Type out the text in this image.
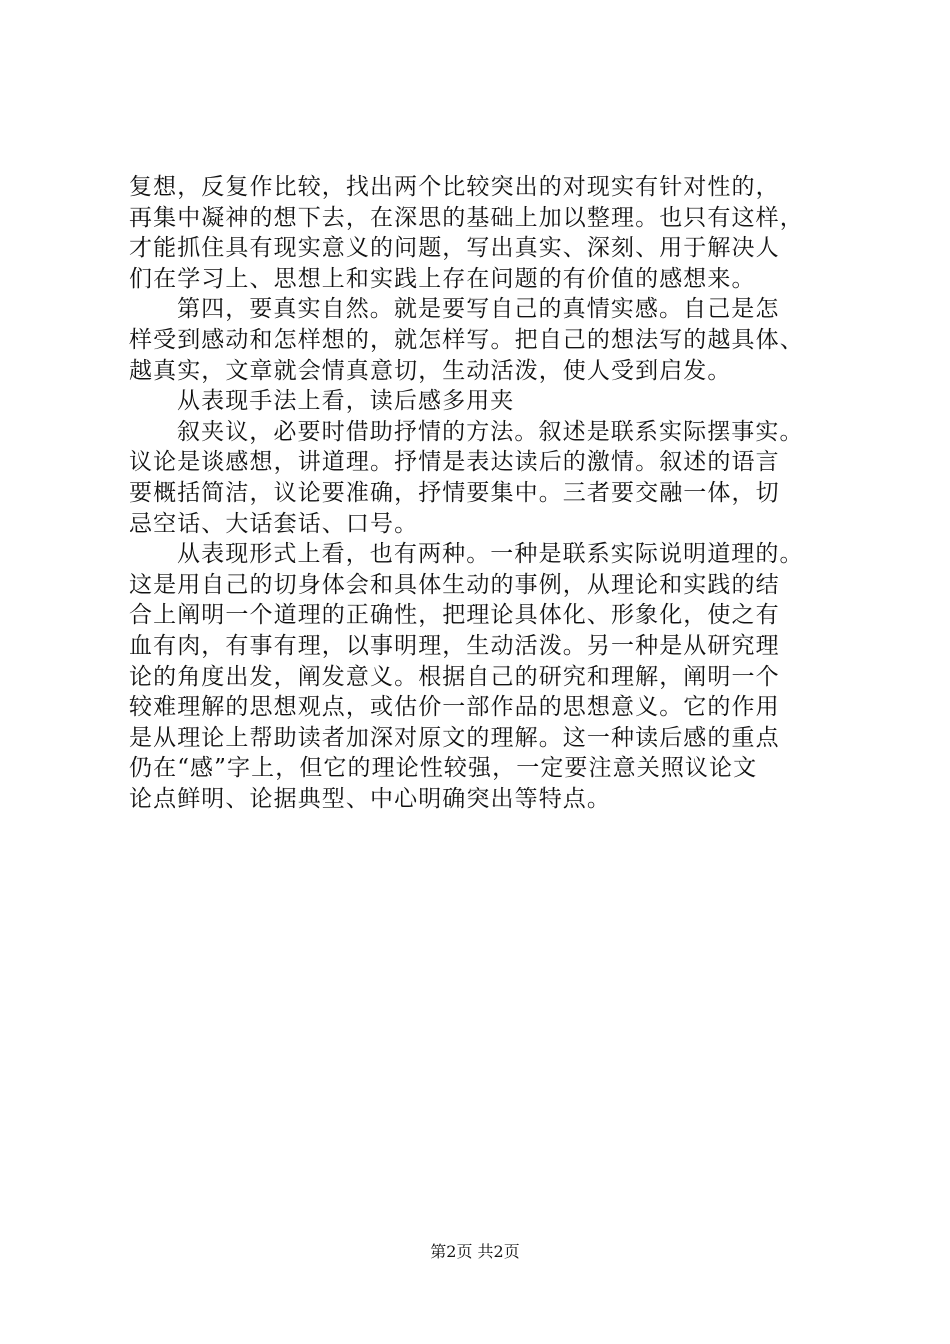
复想，反复作比较，找出两个比较突出的对现实有针对性的，
再集中凝神的想下去，在深思的基础上加以整理。也只有这样，
才能抓住具有现实意义的问题，写出真实、深刻、用于解决人
们在学习上、思想上和实践上存在问题的有价值的感想来。
第四，要真实自然。就是要写自己的真情实感。自己是怎
样受到感动和怎样想的，就怎样写。把自己的想法写的越具体、
越真实，文章就会情真意切，生动活泼，使人受到启发。
从表现手法上看，读后感多用夹
叙夹议，必要时借助抒情的方法。叙述是联系实际摆事实。
议论是谈感想，讲道理。抒情是表达读后的激情。叙述的语言
要概括简洁，议论要准确，抒情要集中。三者要交融一体，切
忌空话、大话套话、口号。
从表现形式上看，也有两种。一种是联系实际说明道理的。
这是用自己的切身体会和具体生动的事例，从理论和实践的结
合上阐明一个道理的正确性，把理论具体化、形象化，使之有
血有肉，有事有理，以事明理，生动活泼。另一种是从研究理
论的角度出发，阐发意义。根据自己的研究和理解，阐明一个
较难理解的思想观点，或估价一部作品的思想意义。它的作用
是从理论上帮助读者加深对原文的理解。这一种读后感的重点
仍在“感”字上，但它的理论性较强，一定要注意关照议论文
论点鲜明、论据典型、中心明确突出等特点。
第2页 共2页
